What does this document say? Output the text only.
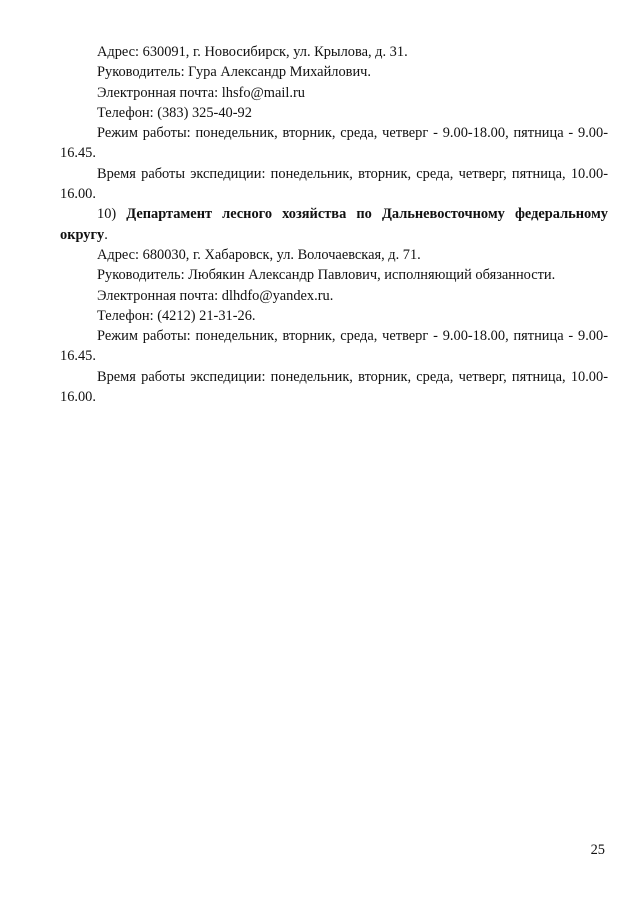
Адрес: 630091, г. Новосибирск, ул. Крылова, д. 31.

Руководитель: Гура Александр Михайлович.

Электронная почта: lhsfo@mail.ru

Телефон: (383) 325-40-92

Режим работы: понедельник, вторник, среда, четверг - 9.00-18.00, пятница - 9.00-16.45.

Время работы экспедиции: понедельник, вторник, среда, четверг, пятница, 10.00-16.00.

10) Департамент лесного хозяйства по Дальневосточному федеральному округу.

Адрес: 680030, г. Хабаровск, ул. Волочаевская, д. 71.

Руководитель: Любякин Александр Павлович, исполняющий обязанности.

Электронная почта: dlhdfo@yandex.ru.

Телефон: (4212) 21-31-26.

Режим работы: понедельник, вторник, среда, четверг - 9.00-18.00, пятница - 9.00-16.45.

Время работы экспедиции: понедельник, вторник, среда, четверг, пятница, 10.00-16.00.

25
